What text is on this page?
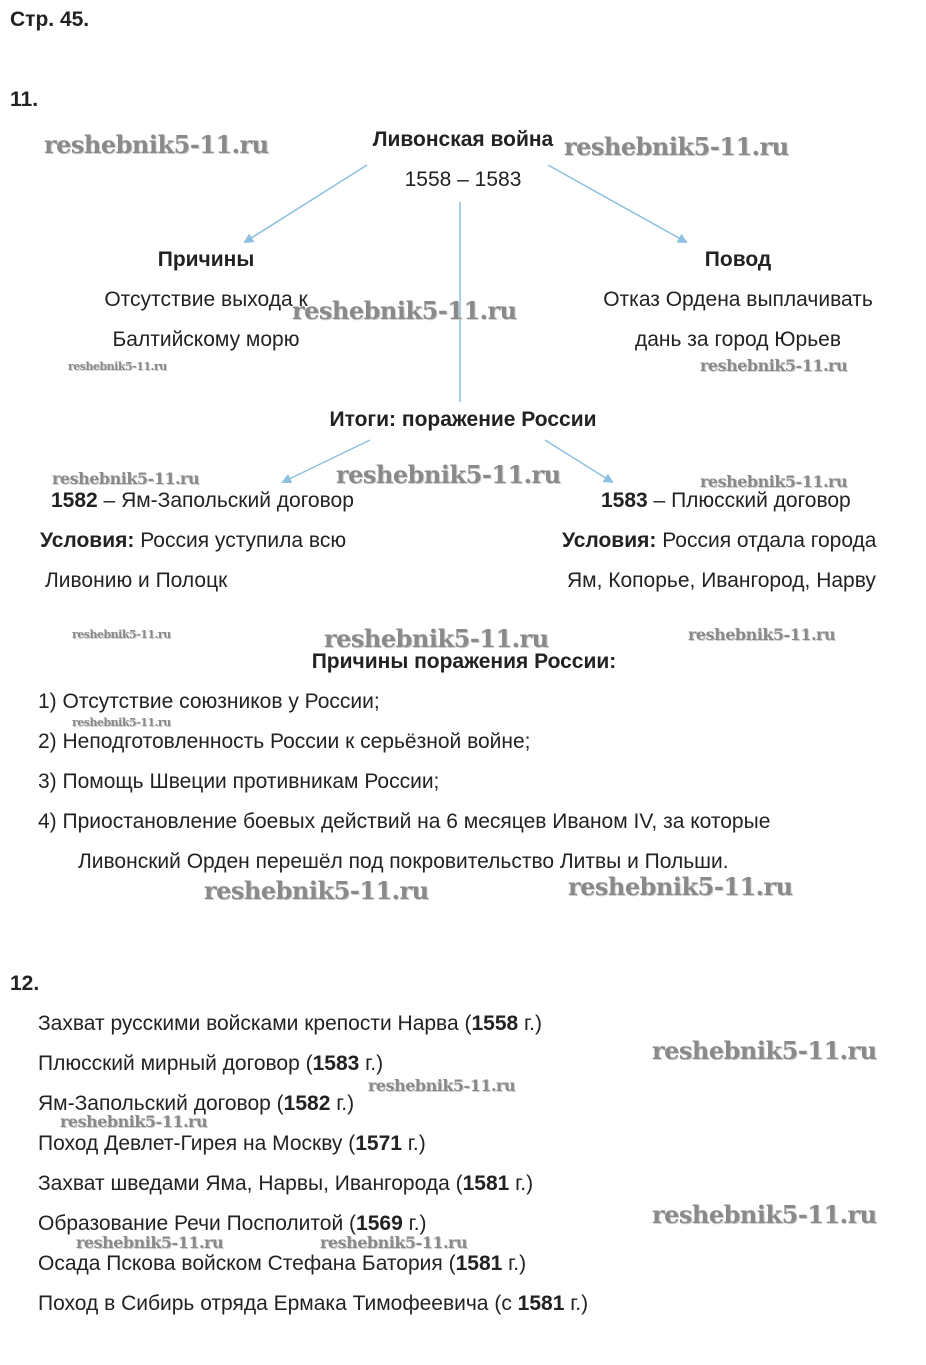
Стр. 45.
11.
Ливонская война
1558 – 1583
Причины
Отсутствие выхода к
Балтийскому морю
Повод
Отказ Ордена выплачивать
дань за город Юрьев
Итоги: поражение России
1582 – Ям-Запольский договор
Условия: Россия уступила всю
Ливонию и Полоцк
1583 – Плюсский договор
Условия: Россия отдала города
Ям, Копорье, Ивангород, Нарву
Причины поражения России:
1) Отсутствие союзников у России;
2) Неподготовленность России к серьёзной войне;
3) Помощь Швеции противникам России;
4) Приостановление боевых действий на 6 месяцев Иваном IV, за которые
Ливонский Орден перешёл под покровительство Литвы и Польши.
12.
Захват русскими войсками крепости Нарва (1558 г.)
Плюсский мирный договор (1583 г.)
Ям-Запольский договор (1582 г.)
Поход Девлет-Гирея на Москву (1571 г.)
Захват шведами Яма, Нарвы, Ивангорода (1581 г.)
Образование Речи Посполитой (1569 г.)
Осада Пскова войском Стефана Батория (1581 г.)
Поход в Сибирь отряда Ермака Тимофеевича (с 1581 г.)
reshebnik5-11.ru	reshebnik5-11.ru
reshebnik5-11.ru
reshebnik5-11.ru	reshebnik5-11.ru
reshebnik5-11.ru	reshebnik5-11.ru	reshebnik5-11.ru
reshebnik5-11.ru	reshebnik5-11.ru	reshebnik5-11.ru
reshebnik5-11.ru
reshebnik5-11.ru	reshebnik5-11.ru
reshebnik5-11.ru
reshebnik5-11.ru
reshebnik5-11.ru
reshebnik5-11.ru
reshebnik5-11.ru	reshebnik5-11.ru
